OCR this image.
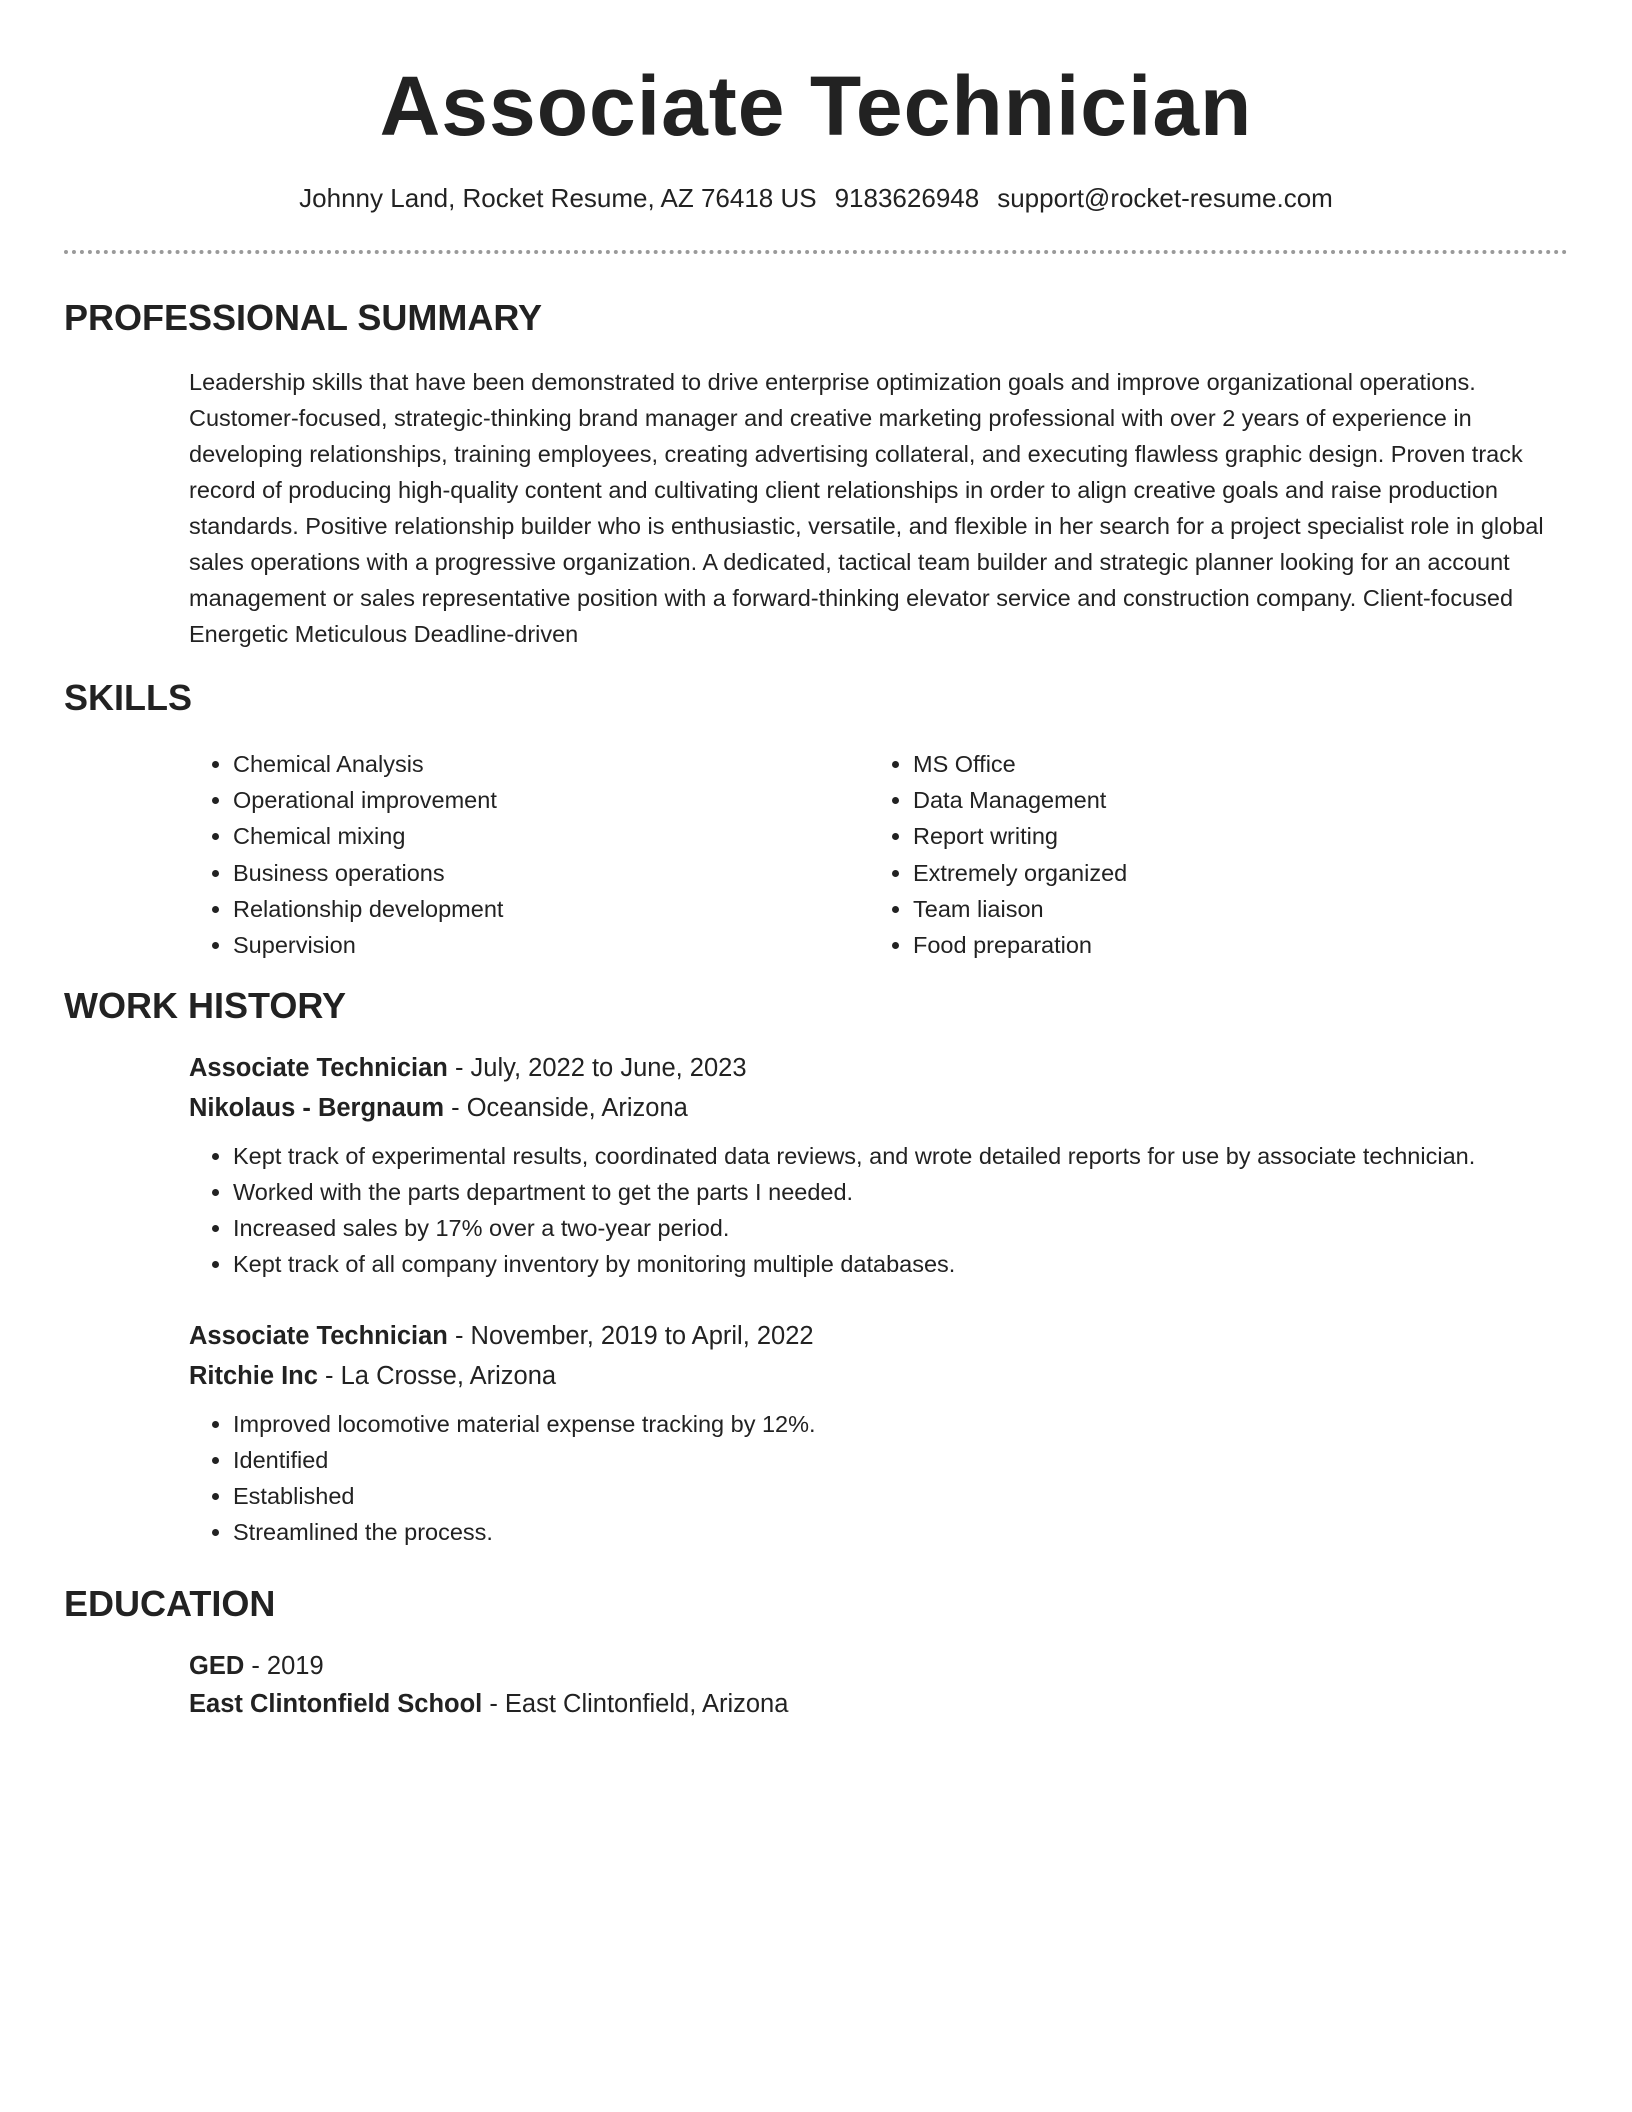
Associate Technician
Johnny Land, Rocket Resume, AZ 76418 US 9183626948 support@rocket-resume.com
PROFESSIONAL SUMMARY
Leadership skills that have been demonstrated to drive enterprise optimization goals and improve organizational operations. Customer-focused, strategic-thinking brand manager and creative marketing professional with over 2 years of experience in developing relationships, training employees, creating advertising collateral, and executing flawless graphic design. Proven track record of producing high-quality content and cultivating client relationships in order to align creative goals and raise production standards. Positive relationship builder who is enthusiastic, versatile, and flexible in her search for a project specialist role in global sales operations with a progressive organization. A dedicated, tactical team builder and strategic planner looking for an account management or sales representative position with a forward-thinking elevator service and construction company. Client-focused Energetic Meticulous Deadline-driven
SKILLS
• Chemical Analysis
• Operational improvement
• Chemical mixing
• Business operations
• Relationship development
• Supervision
• MS Office
• Data Management
• Report writing
• Extremely organized
• Team liaison
• Food preparation
WORK HISTORY
Associate Technician - July, 2022 to June, 2023
Nikolaus - Bergnaum - Oceanside, Arizona
• Kept track of experimental results, coordinated data reviews, and wrote detailed reports for use by associate technician.
• Worked with the parts department to get the parts I needed.
• Increased sales by 17% over a two-year period.
• Kept track of all company inventory by monitoring multiple databases.
Associate Technician - November, 2019 to April, 2022
Ritchie Inc - La Crosse, Arizona
• Improved locomotive material expense tracking by 12%.
• Identified
• Established
• Streamlined the process.
EDUCATION
GED - 2019
East Clintonfield School - East Clintonfield, Arizona
